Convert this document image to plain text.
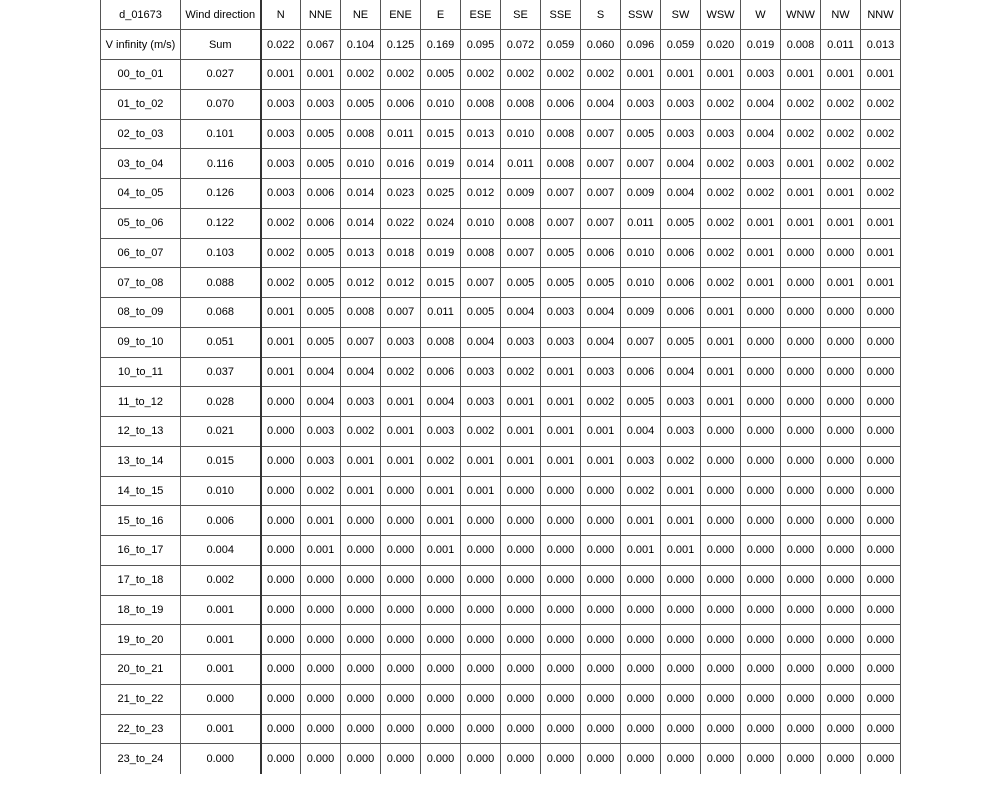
d_01673	Wind direction	N	NNE	NE	ENE	E	ESE	SE	SSE	S	SSW	SW	WSW	W	WNW	NW	NNW
V infinity (m/s)	Sum	0.022	0.067	0.104	0.125	0.169	0.095	0.072	0.059	0.060	0.096	0.059	0.020	0.019	0.008	0.011	0.013
00_to_01	0.027	0.001	0.001	0.002	0.002	0.005	0.002	0.002	0.002	0.002	0.001	0.001	0.001	0.003	0.001	0.001	0.001
01_to_02	0.070	0.003	0.003	0.005	0.006	0.010	0.008	0.008	0.006	0.004	0.003	0.003	0.002	0.004	0.002	0.002	0.002
02_to_03	0.101	0.003	0.005	0.008	0.011	0.015	0.013	0.010	0.008	0.007	0.005	0.003	0.003	0.004	0.002	0.002	0.002
03_to_04	0.116	0.003	0.005	0.010	0.016	0.019	0.014	0.011	0.008	0.007	0.007	0.004	0.002	0.003	0.001	0.002	0.002
04_to_05	0.126	0.003	0.006	0.014	0.023	0.025	0.012	0.009	0.007	0.007	0.009	0.004	0.002	0.002	0.001	0.001	0.002
05_to_06	0.122	0.002	0.006	0.014	0.022	0.024	0.010	0.008	0.007	0.007	0.011	0.005	0.002	0.001	0.001	0.001	0.001
06_to_07	0.103	0.002	0.005	0.013	0.018	0.019	0.008	0.007	0.005	0.006	0.010	0.006	0.002	0.001	0.000	0.000	0.001
07_to_08	0.088	0.002	0.005	0.012	0.012	0.015	0.007	0.005	0.005	0.005	0.010	0.006	0.002	0.001	0.000	0.001	0.001
08_to_09	0.068	0.001	0.005	0.008	0.007	0.011	0.005	0.004	0.003	0.004	0.009	0.006	0.001	0.000	0.000	0.000	0.000
09_to_10	0.051	0.001	0.005	0.007	0.003	0.008	0.004	0.003	0.003	0.004	0.007	0.005	0.001	0.000	0.000	0.000	0.000
10_to_11	0.037	0.001	0.004	0.004	0.002	0.006	0.003	0.002	0.001	0.003	0.006	0.004	0.001	0.000	0.000	0.000	0.000
11_to_12	0.028	0.000	0.004	0.003	0.001	0.004	0.003	0.001	0.001	0.002	0.005	0.003	0.001	0.000	0.000	0.000	0.000
12_to_13	0.021	0.000	0.003	0.002	0.001	0.003	0.002	0.001	0.001	0.001	0.004	0.003	0.000	0.000	0.000	0.000	0.000
13_to_14	0.015	0.000	0.003	0.001	0.001	0.002	0.001	0.001	0.001	0.001	0.003	0.002	0.000	0.000	0.000	0.000	0.000
14_to_15	0.010	0.000	0.002	0.001	0.000	0.001	0.001	0.000	0.000	0.000	0.002	0.001	0.000	0.000	0.000	0.000	0.000
15_to_16	0.006	0.000	0.001	0.000	0.000	0.001	0.000	0.000	0.000	0.000	0.001	0.001	0.000	0.000	0.000	0.000	0.000
16_to_17	0.004	0.000	0.001	0.000	0.000	0.001	0.000	0.000	0.000	0.000	0.001	0.001	0.000	0.000	0.000	0.000	0.000
17_to_18	0.002	0.000	0.000	0.000	0.000	0.000	0.000	0.000	0.000	0.000	0.000	0.000	0.000	0.000	0.000	0.000	0.000
18_to_19	0.001	0.000	0.000	0.000	0.000	0.000	0.000	0.000	0.000	0.000	0.000	0.000	0.000	0.000	0.000	0.000	0.000
19_to_20	0.001	0.000	0.000	0.000	0.000	0.000	0.000	0.000	0.000	0.000	0.000	0.000	0.000	0.000	0.000	0.000	0.000
20_to_21	0.001	0.000	0.000	0.000	0.000	0.000	0.000	0.000	0.000	0.000	0.000	0.000	0.000	0.000	0.000	0.000	0.000
21_to_22	0.000	0.000	0.000	0.000	0.000	0.000	0.000	0.000	0.000	0.000	0.000	0.000	0.000	0.000	0.000	0.000	0.000
22_to_23	0.001	0.000	0.000	0.000	0.000	0.000	0.000	0.000	0.000	0.000	0.000	0.000	0.000	0.000	0.000	0.000	0.000
23_to_24	0.000	0.000	0.000	0.000	0.000	0.000	0.000	0.000	0.000	0.000	0.000	0.000	0.000	0.000	0.000	0.000	0.000
